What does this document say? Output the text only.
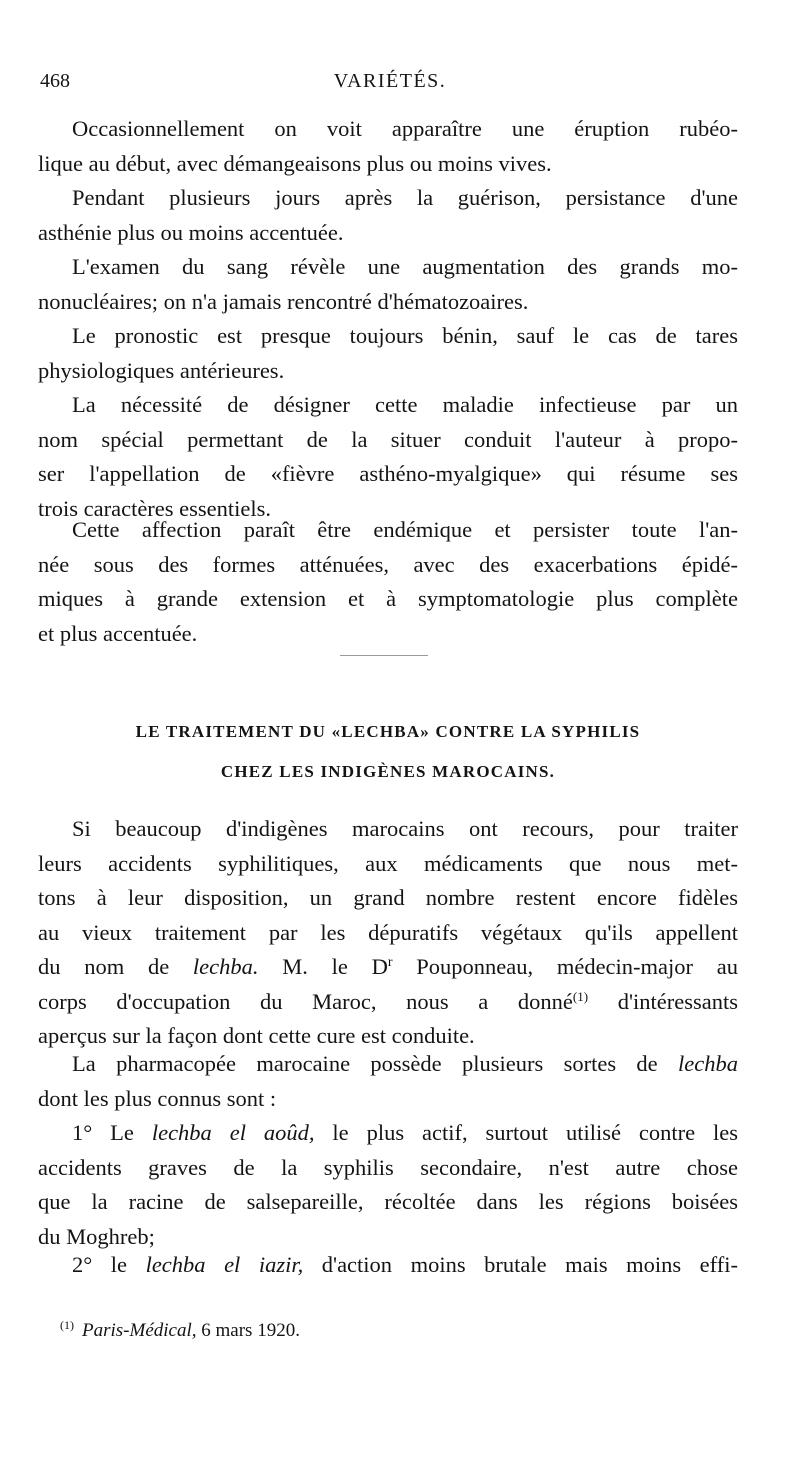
468	VARIÉTÉS.
Occasionnellement on voit apparaître une éruption rubéo-
lique au début, avec démangeaisons plus ou moins vives.
Pendant plusieurs jours après la guérison, persistance d'une
asthénie plus ou moins accentuée.
L'examen du sang révèle une augmentation des grands mo-
nonucléaires; on n'a jamais rencontré d'hématozoaires.
Le pronostic est presque toujours bénin, sauf le cas de tares
physiologiques antérieures.
La nécessité de désigner cette maladie infectieuse par un
nom spécial permettant de la situer conduit l'auteur à propo-
ser l'appellation de «fièvre asthéno-myalgique» qui résume ses
trois caractères essentiels.
Cette affection paraît être endémique et persister toute l'an-
née sous des formes atténuées, avec des exacerbations épidé-
miques à grande extension et à symptomatologie plus complète
et plus accentuée.
LE TRAITEMENT DU «LECHBA» CONTRE LA SYPHILIS
CHEZ LES INDIGÈNES MAROCAINS.
Si beaucoup d'indigènes marocains ont recours, pour traiter
leurs accidents syphilitiques, aux médicaments que nous met-
tons à leur disposition, un grand nombre restent encore fidèles
au vieux traitement par les dépuratifs végétaux qu'ils appellent
du nom de lechba. M. le $D^r$ Pouponneau, médecin-major au
corps d'occupation du Maroc, nous a donné$^{(1)}$ d'intéressants
aperçus sur la façon dont cette cure est conduite.
La pharmacopée marocaine possède plusieurs sortes de lechba
dont les plus connus sont :
1° Le lechba el aoûd, le plus actif, surtout utilisé contre les
accidents graves de la syphilis secondaire, n'est autre chose
que la racine de salsepareille, récoltée dans les régions boisées
du Moghreb;
2° le lechba el iazir, d'action moins brutale mais moins effi-
$^{(1)}$ Paris-Médical, 6 mars 1920.
